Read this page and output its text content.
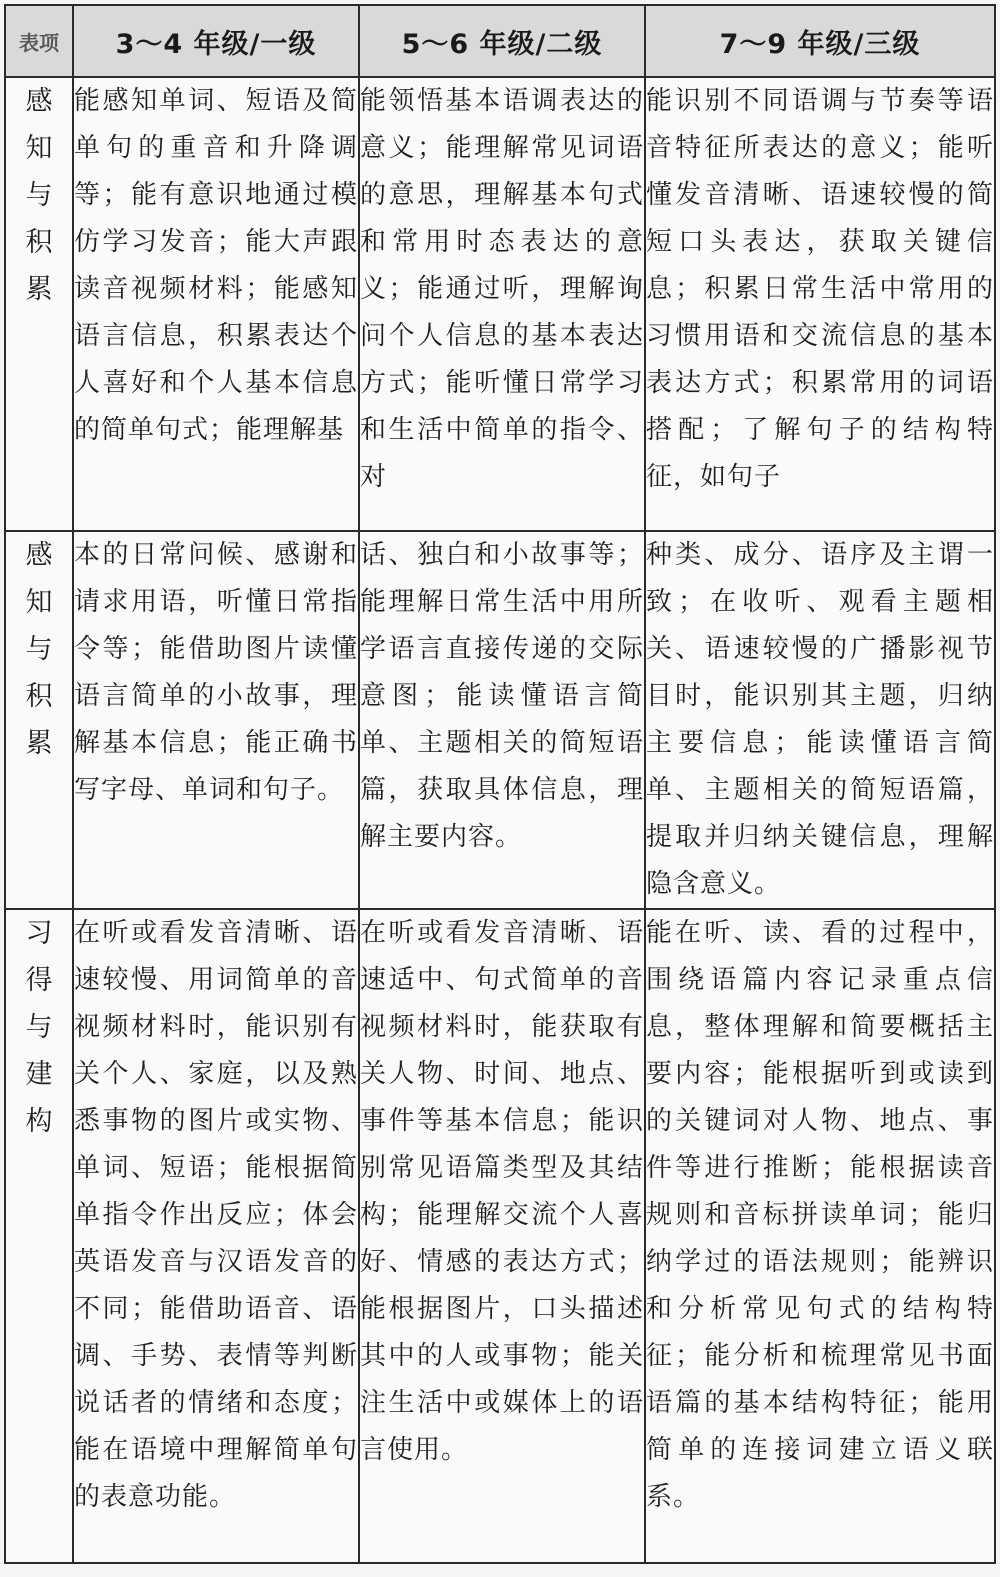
表项	3～4 年级/一级	5～6 年级/二级	7～9 年级/三级
感知与积累	能感知单词、短语及简单句的重音和升降调等；能有意识地通过模仿学习发音；能大声跟读音视频材料；能感知语言信息，积累表达个人喜好和个人基本信息的简单句式；能理解基	能领悟基本语调表达的意义；能理解常见词语的意思，理解基本句式和常用时态表达的意义；能通过听，理解询问个人信息的基本表达方式；能听懂日常学习和生活中简单的指令、对	能识别不同语调与节奏等语音特征所表达的意义；能听懂发音清晰、语速较慢的简短口头表达，获取关键信息；积累日常生活中常用的习惯用语和交流信息的基本表达方式；积累常用的词语搭配；了解句子的结构特征，如句子
感知与积累	本的日常问候、感谢和请求用语，听懂日常指令等；能借助图片读懂语言简单的小故事，理解基本信息；能正确书写字母、单词和句子。	话、独白和小故事等；能理解日常生活中用所学语言直接传递的交际意图；能读懂语言简单、主题相关的简短语篇，获取具体信息，理解主要内容。	种类、成分、语序及主谓一致；在收听、观看主题相关、语速较慢的广播影视节目时，能识别其主题，归纳主要信息；能读懂语言简单、主题相关的简短语篇，提取并归纳关键信息，理解隐含意义。
习得与建构	在听或看发音清晰、语速较慢、用词简单的音视频材料时，能识别有关个人、家庭，以及熟悉事物的图片或实物、单词、短语；能根据简单指令作出反应；体会英语发音与汉语发音的不同；能借助语音、语调、手势、表情等判断说话者的情绪和态度；能在语境中理解简单句的表意功能。	在听或看发音清晰、语速适中、句式简单的音视频材料时，能获取有关人物、时间、地点、事件等基本信息；能识别常见语篇类型及其结构；能理解交流个人喜好、情感的表达方式；能根据图片，口头描述其中的人或事物；能关注生活中或媒体上的语言使用。	能在听、读、看的过程中，围绕语篇内容记录重点信息，整体理解和简要概括主要内容；能根据听到或读到的关键词对人物、地点、事件等进行推断；能根据读音规则和音标拼读单词；能归纳学过的语法规则；能辨识和分析常见句式的结构特征；能分析和梳理常见书面语篇的基本结构特征；能用简单的连接词建立语义联系。
